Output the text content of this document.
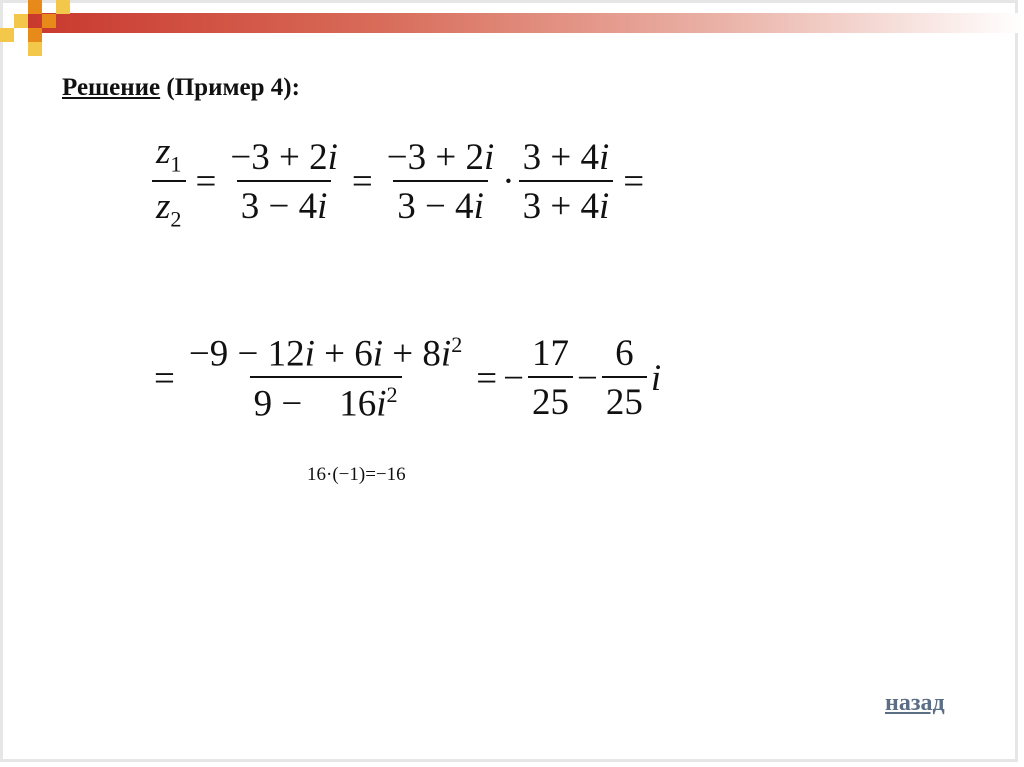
Решение (Пример 4):
$\frac{z_1}{z_2} = \frac{-3 + 2i}{3 - 4i} = \frac{-3 + 2i}{3 - 4i} \cdot \frac{3 + 4i}{3 + 4i}$ =
= $\frac{-9 - 12i + 6i + 8i^2}{9 - 16i^2}$ = − $\frac{17}{25} - \frac{6}{25}$ i
16·(−1)=−16
назад
